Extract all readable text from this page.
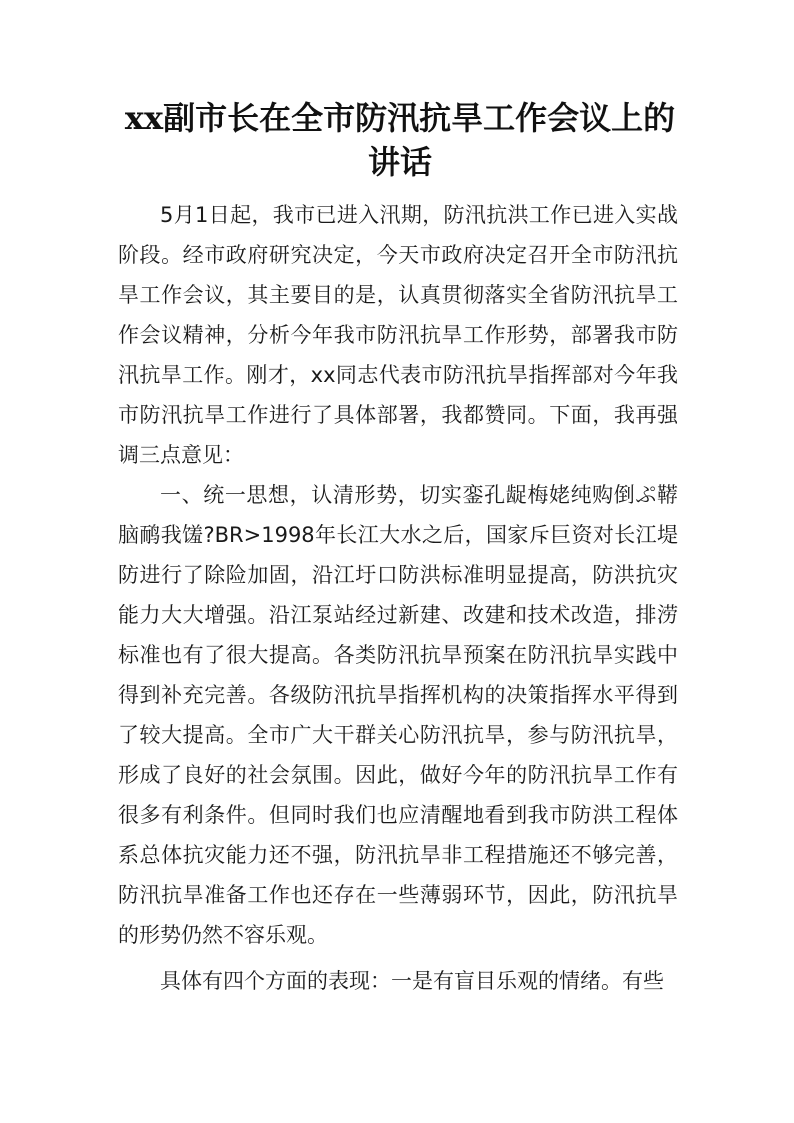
xx副市长在全市防汛抗旱工作会议上的讲话

5月1日起，我市已进入汛期，防汛抗洪工作已进入实战阶段。经市政府研究决定，今天市政府决定召开全市防汛抗旱工作会议，其主要目的是，认真贯彻落实全省防汛抗旱工作会议精神，分析今年我市防汛抗旱工作形势，部署我市防汛抗旱工作。刚才，xx同志代表市防汛抗旱指挥部对今年我市防汛抗旱工作进行了具体部署，我都赞同。下面，我再强调三点意见：

一、统一思想，认清形势，切实銮孔龊梅姥纯购倒ぷ鞯脑鸸我馐?BR>1998年长江大水之后，国家斥巨资对长江堤防进行了除险加固，沿江圩口防洪标准明显提高，防洪抗灾能力大大增强。沿江泵站经过新建、改建和技术改造，排涝标准也有了很大提高。各类防汛抗旱预案在防汛抗旱实践中得到补充完善。各级防汛抗旱指挥机构的决策指挥水平得到了较大提高。全市广大干群关心防汛抗旱，参与防汛抗旱，形成了良好的社会氛围。因此，做好今年的防汛抗旱工作有很多有利条件。但同时我们也应清醒地看到我市防洪工程体系总体抗灾能力还不强，防汛抗旱非工程措施还不够完善，防汛抗旱准备工作也还存在一些薄弱环节，因此，防汛抗旱的形势仍然不容乐观。

具体有四个方面的表现：一是有盲目乐观的情绪。有些
